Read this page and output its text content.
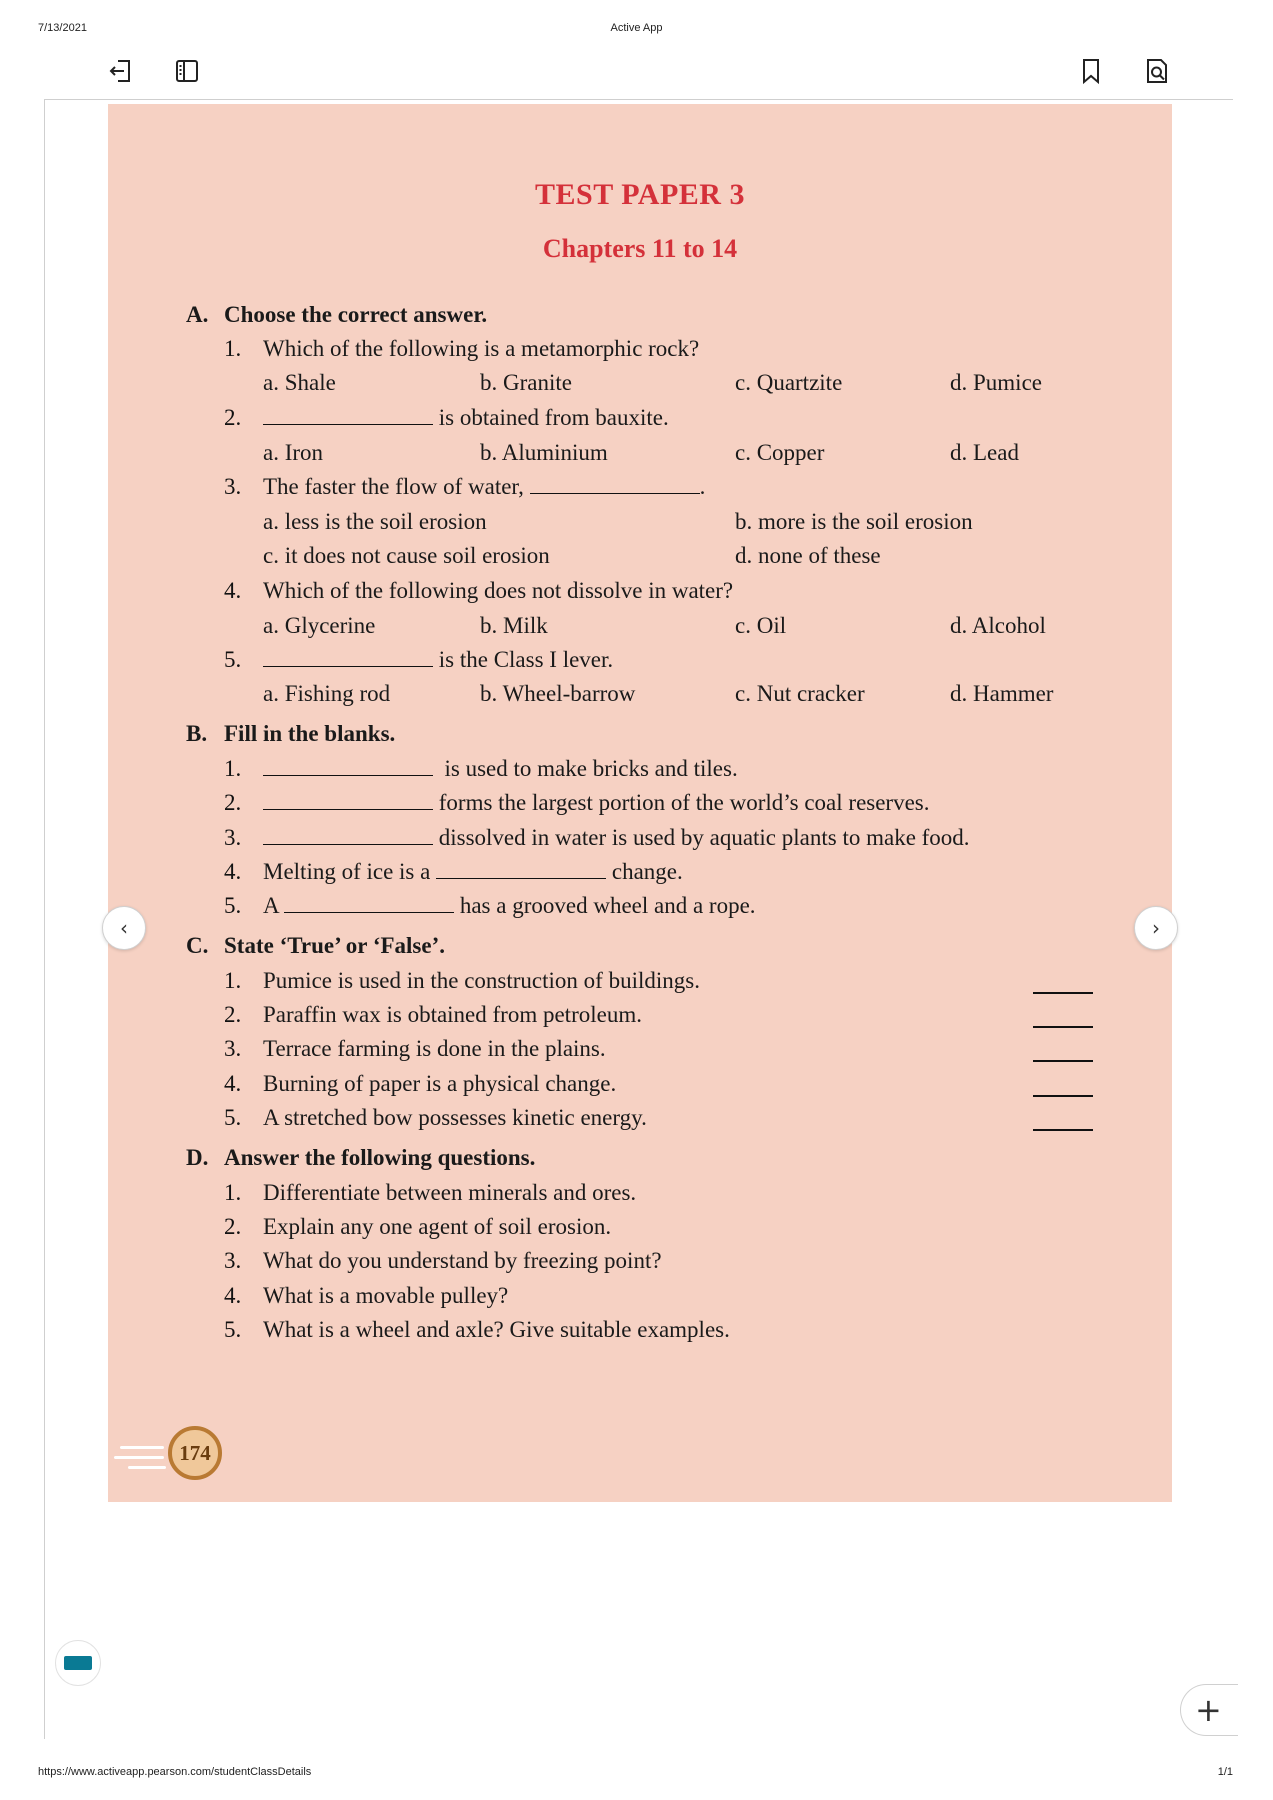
7/13/2021	Active App
https://www.activeapp.pearson.com/studentClassDetails	1/1
TEST PAPER 3
Chapters 11 to 14
A. Choose the correct answer.
1. Which of the following is a metamorphic rock?
a. Shale	b. Granite	c. Quartzite	d. Pumice
2.	is obtained from bauxite.
a. Iron	b. Aluminium	c. Copper	d. Lead
3. The faster the flow of water,	.
a. less is the soil erosion	b. more is the soil erosion
c. it does not cause soil erosion	d. none of these
4. Which of the following does not dissolve in water?
a. Glycerine	b. Milk	c. Oil	d. Alcohol
5.	is the Class I lever.
a. Fishing rod	b. Wheel-barrow	c. Nut cracker	d. Hammer
B. Fill in the blanks.
1.	is used to make bricks and tiles.
2.	forms the largest portion of the world’s coal reserves.
3.	dissolved in water is used by aquatic plants to make food.
4. Melting of ice is a	change.
5. A	has a grooved wheel and a rope.
C. State ‘True’ or ‘False’.
1. Pumice is used in the construction of buildings.
2. Paraffin wax is obtained from petroleum.
3. Terrace farming is done in the plains.
4. Burning of paper is a physical change.
5. A stretched bow possesses kinetic energy.
D. Answer the following questions.
1. Differentiate between minerals and ores.
2. Explain any one agent of soil erosion.
3. What do you understand by freezing point?
4. What is a movable pulley?
5. What is a wheel and axle? Give suitable examples.
174
‹	›
+
